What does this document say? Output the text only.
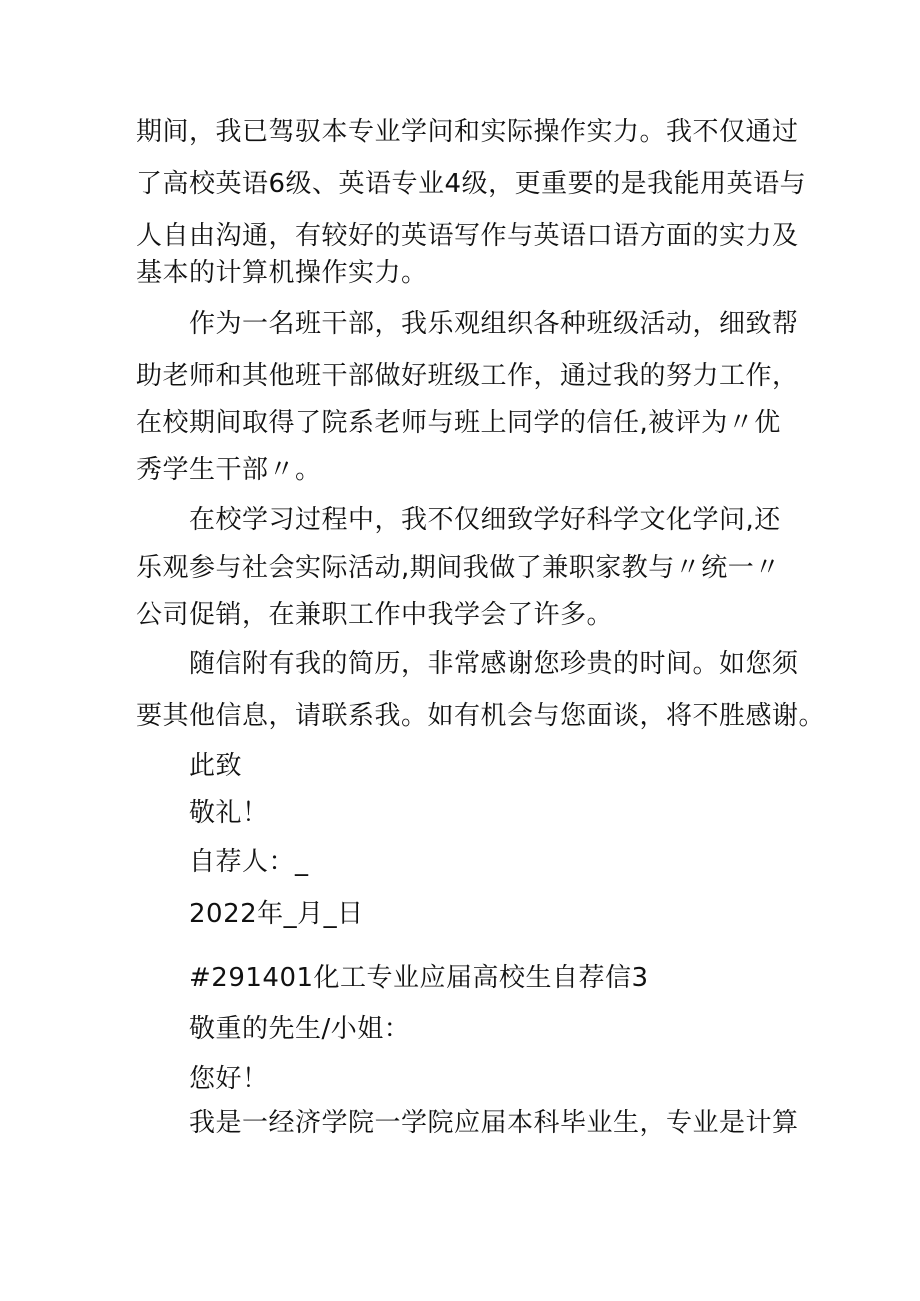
期间，我已驾驭本专业学问和实际操作实力。我不仅通过
了高校英语6级、英语专业4级，更重要的是我能用英语与
人自由沟通，有较好的英语写作与英语口语方面的实力及
基本的计算机操作实力。
作为一名班干部，我乐观组织各种班级活动，细致帮
助老师和其他班干部做好班级工作，通过我的努力工作，
在校期间取得了院系老师与班上同学的信任,被评为〃优
秀学生干部〃。
在校学习过程中，我不仅细致学好科学文化学问,还
乐观参与社会实际活动,期间我做了兼职家教与〃统一〃
公司促销，在兼职工作中我学会了许多。
随信附有我的简历，非常感谢您珍贵的时间。如您须
要其他信息，请联系我。如有机会与您面谈，将不胜感谢。
此致
敬礼！
自荐人：_
2022年_月_日
#291401化工专业应届高校生自荐信3
敬重的先生/小姐：
您好！
我是一经济学院一学院应届本科毕业生，专业是计算
